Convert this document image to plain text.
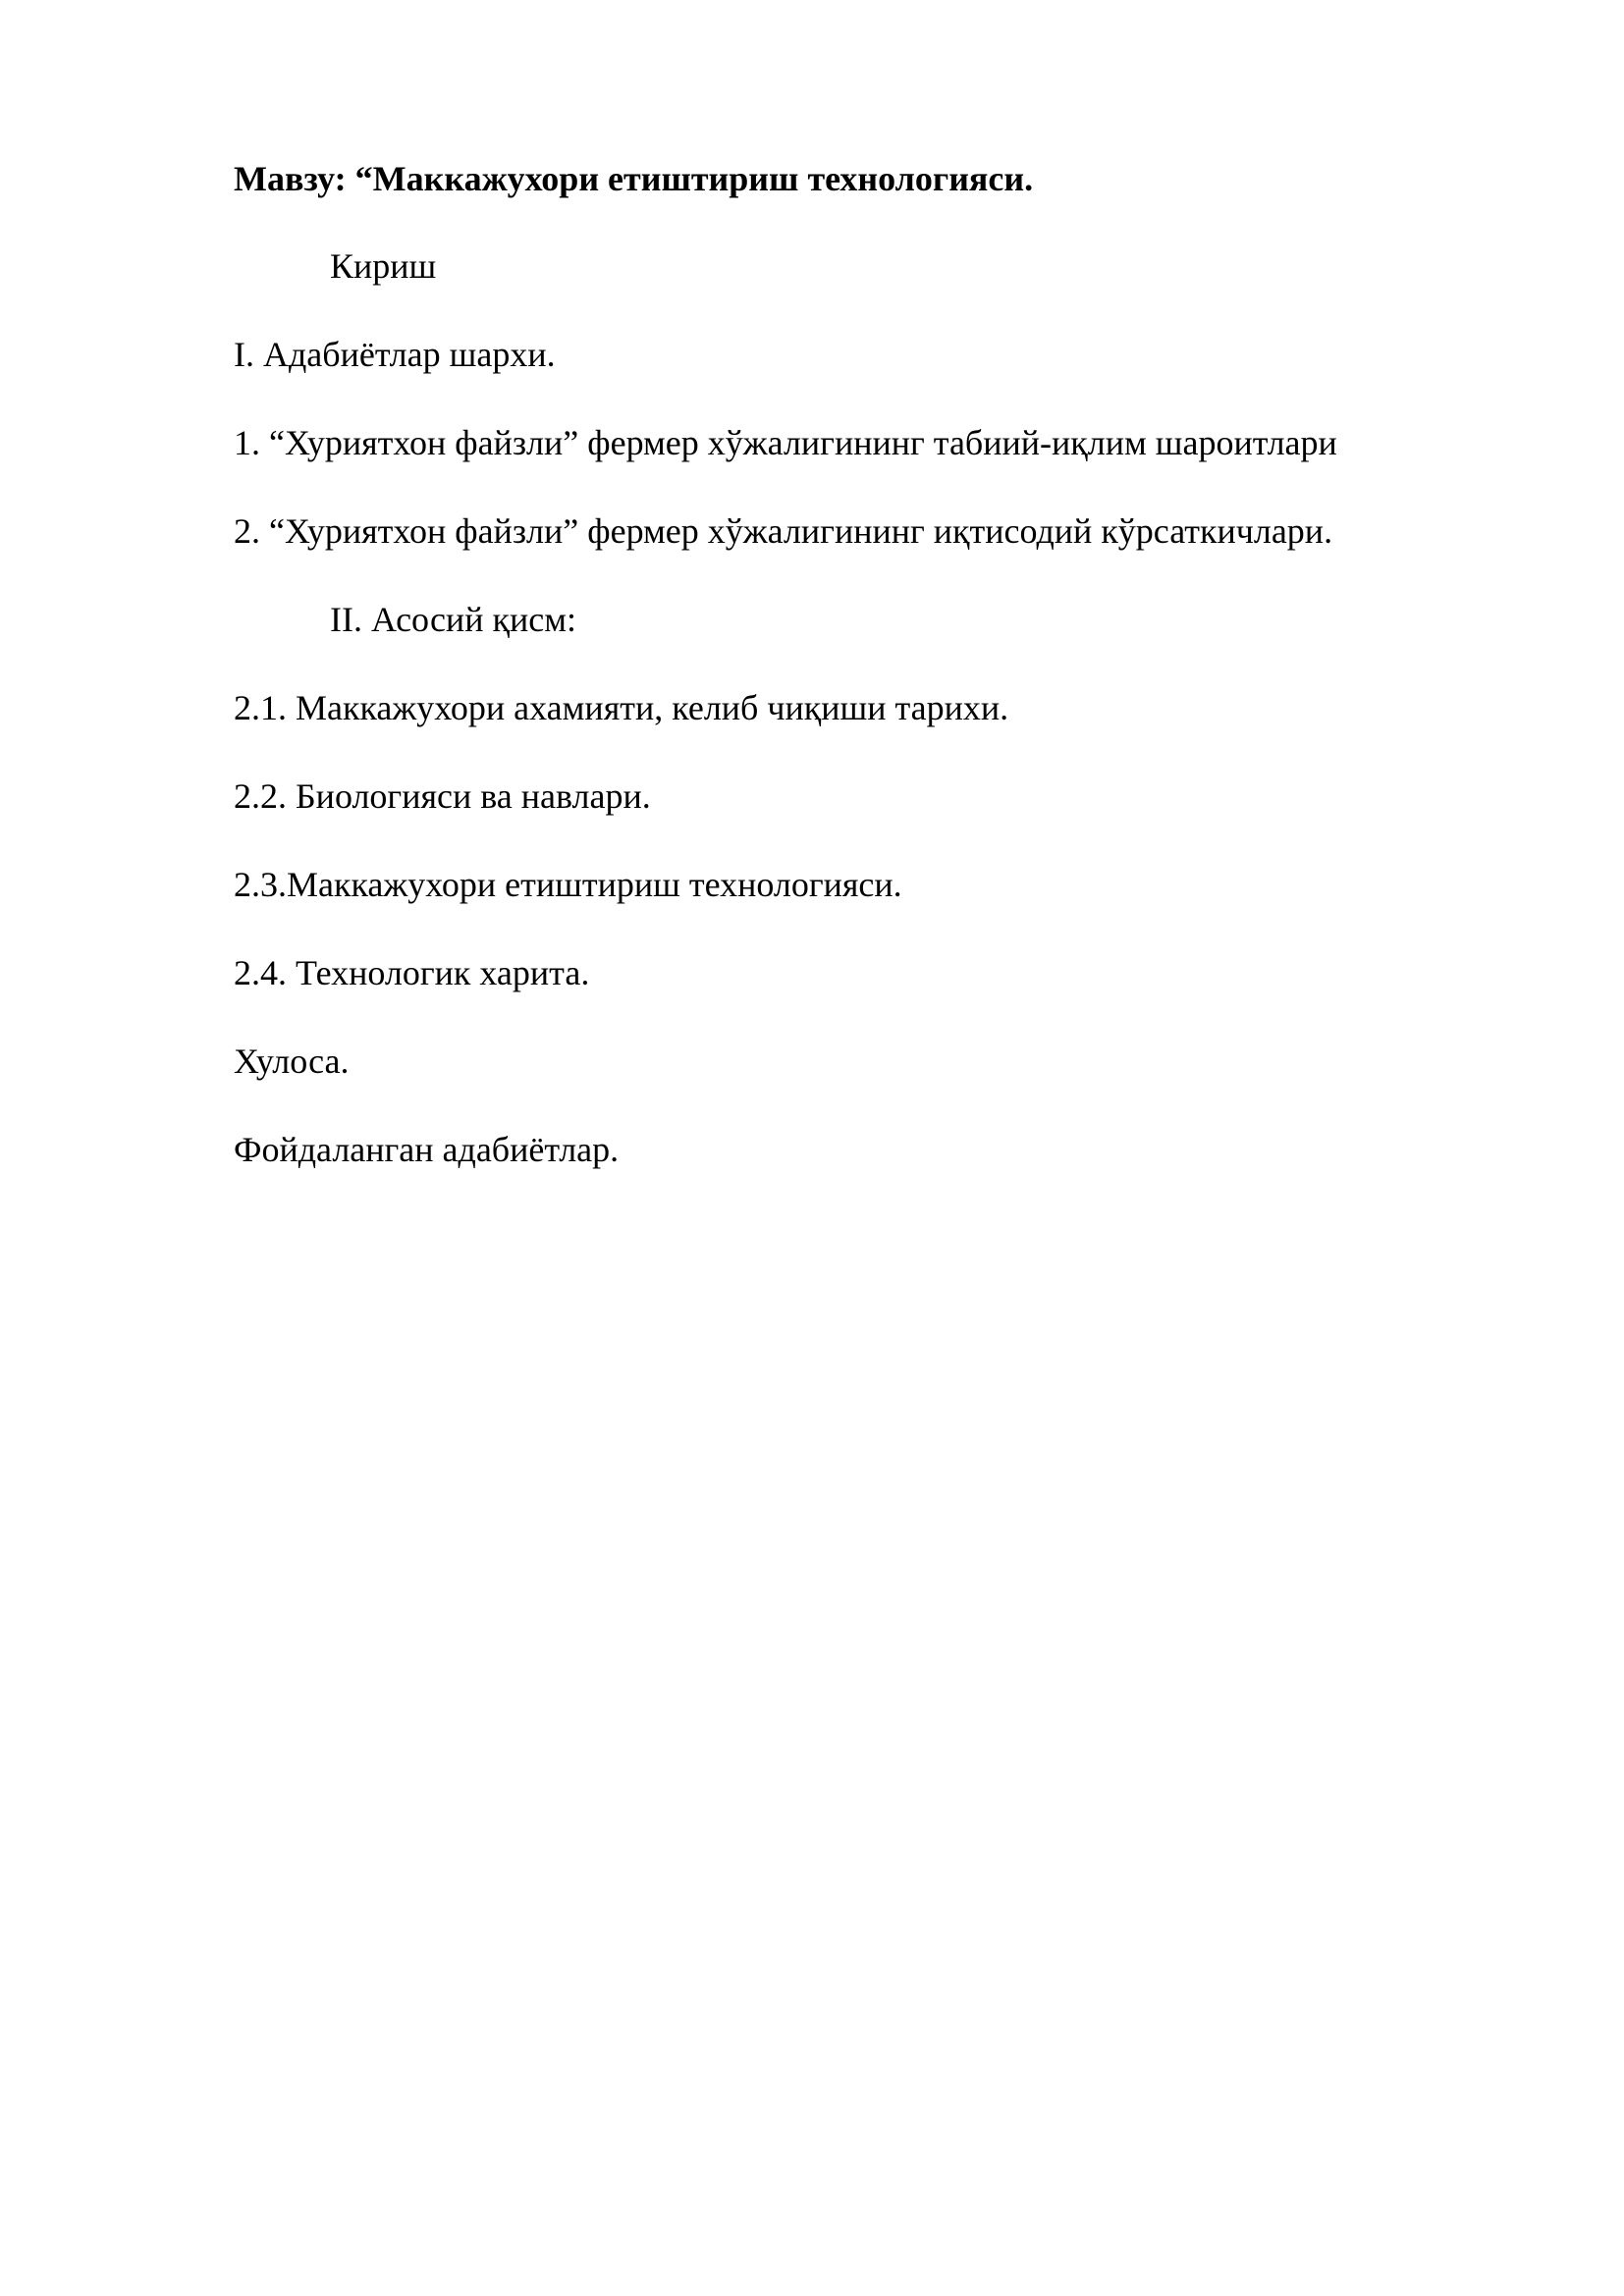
Мавзу: “Маккажухори етиштириш технологияси.
Кириш
I. Адабиётлар шархи.
1. “Хуриятхон файзли” фермер хўжалигининг табиий-иқлим шароитлари
2. “Хуриятхон файзли” фермер хўжалигининг иқтисодий кўрсаткичлари.
II. Асосий қисм:
2.1. Маккажухори ахамияти, келиб чиқиши тарихи.
2.2. Биологияси ва навлари.
2.3.Маккажухори етиштириш технологияси.
2.4. Технологик харита.
Хулоса.
Фойдаланган адабиётлар.
